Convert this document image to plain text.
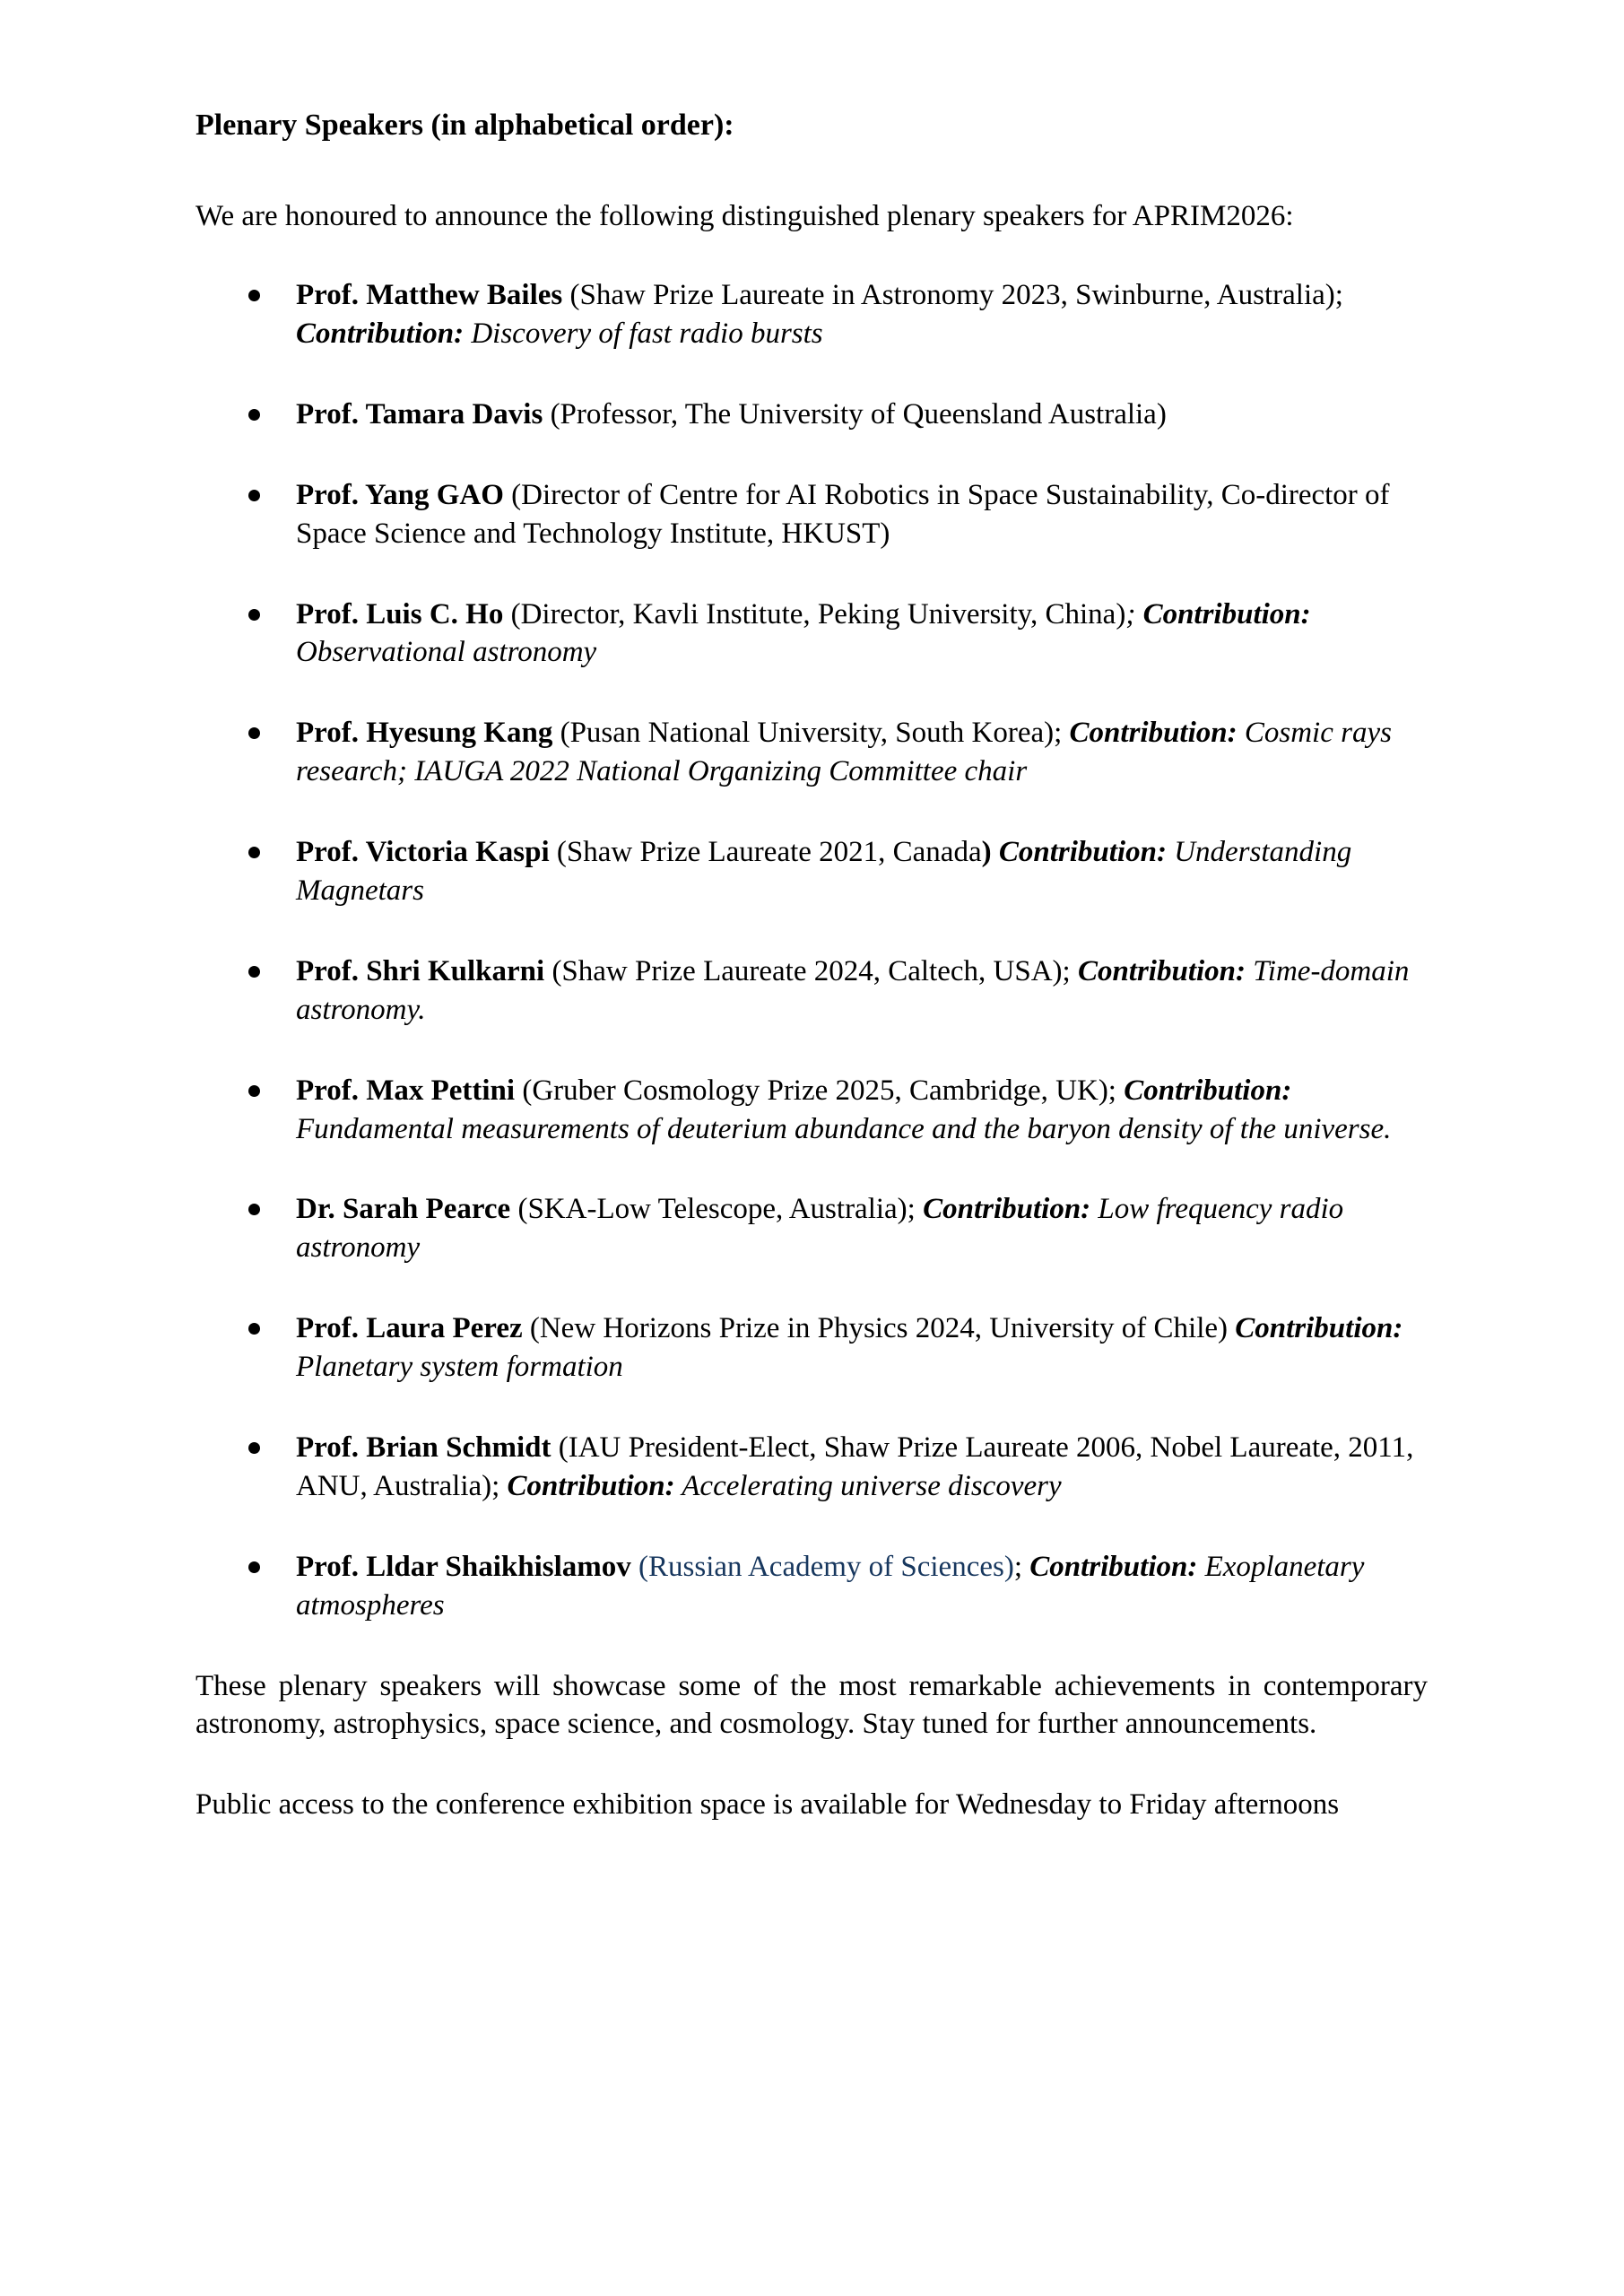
Plenary Speakers (in alphabetical order):

We are honoured to announce the following distinguished plenary speakers for APRIM2026:

Prof. Matthew Bailes (Shaw Prize Laureate in Astronomy 2023, Swinburne, Australia); Contribution: Discovery of fast radio bursts
Prof. Tamara Davis (Professor, The University of Queensland Australia)
Prof. Yang GAO (Director of Centre for AI Robotics in Space Sustainability, Co-director of Space Science and Technology Institute, HKUST)
Prof. Luis C. Ho (Director, Kavli Institute, Peking University, China); Contribution: Observational astronomy
Prof. Hyesung Kang (Pusan National University, South Korea); Contribution: Cosmic rays research; IAUGA 2022 National Organizing Committee chair
Prof. Victoria Kaspi (Shaw Prize Laureate 2021, Canada) Contribution: Understanding Magnetars
Prof. Shri Kulkarni (Shaw Prize Laureate 2024, Caltech, USA); Contribution: Time-domain astronomy.
Prof. Max Pettini (Gruber Cosmology Prize 2025, Cambridge, UK); Contribution: Fundamental measurements of deuterium abundance and the baryon density of the universe.
Dr. Sarah Pearce (SKA-Low Telescope, Australia); Contribution: Low frequency radio astronomy
Prof. Laura Perez (New Horizons Prize in Physics 2024, University of Chile) Contribution: Planetary system formation
Prof. Brian Schmidt (IAU President-Elect, Shaw Prize Laureate 2006, Nobel Laureate, 2011, ANU, Australia); Contribution: Accelerating universe discovery
Prof. Lldar Shaikhislamov (Russian Academy of Sciences); Contribution: Exoplanetary atmospheres

These plenary speakers will showcase some of the most remarkable achievements in contemporary astronomy, astrophysics, space science, and cosmology. Stay tuned for further announcements.

Public access to the conference exhibition space is available for Wednesday to Friday afternoons
